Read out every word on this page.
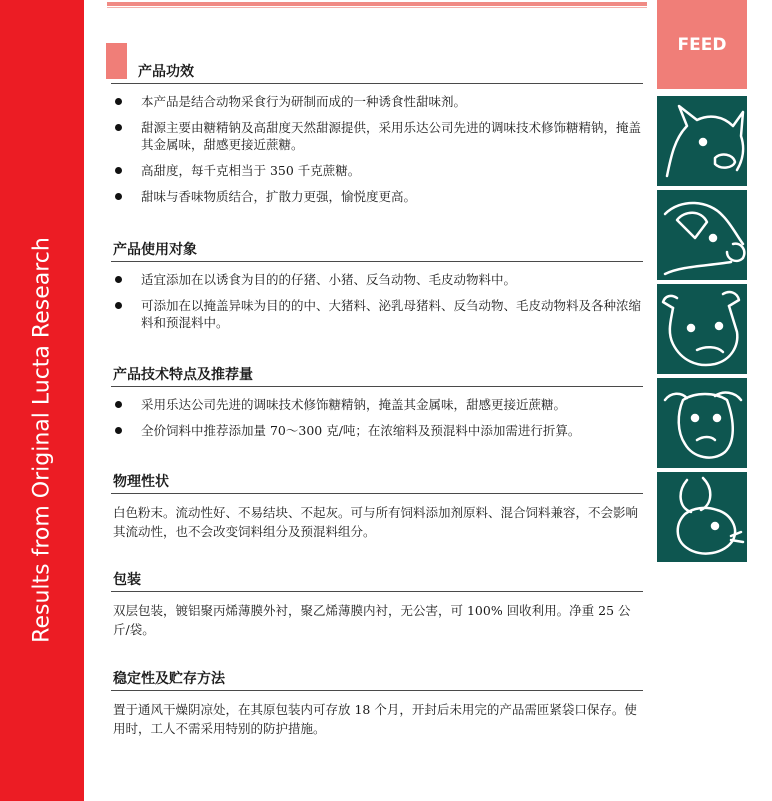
Results from Original Lucta Research
FEED
产品功效
本产品是结合动物采食行为研制而成的一种诱食性甜味剂。
甜源主要由糖精钠及高甜度天然甜源提供，采用乐达公司先进的调味技术修饰糖精钠，掩盖其金属味，甜感更接近蔗糖。
高甜度，每千克相当于 350 千克蔗糖。
甜味与香味物质结合，扩散力更强，愉悦度更高。
产品使用对象
适宜添加在以诱食为目的的仔猪、小猪、反刍动物、毛皮动物料中。
可添加在以掩盖异味为目的的中、大猪料、泌乳母猪料、反刍动物、毛皮动物料及各种浓缩料和预混料中。
产品技术特点及推荐量
采用乐达公司先进的调味技术修饰糖精钠，掩盖其金属味，甜感更接近蔗糖。
全价饲料中推荐添加量 70～300 克/吨；在浓缩料及预混料中添加需进行折算。
物理性状

白色粉末。流动性好、不易结块、不起灰。可与所有饲料添加剂原料、混合饲料兼容，不会影响其流动性，也不会改变饲料组分及预混料组分。

包装

双层包装，镀铝聚丙烯薄膜外衬，聚乙烯薄膜内衬，无公害，可 100% 回收利用。净重 25 公斤/袋。

稳定性及贮存方法

置于通风干燥阴凉处，在其原包装内可存放 18 个月，开封后未用完的产品需匝紧袋口保存。使用时，工人不需采用特别的防护措施。
